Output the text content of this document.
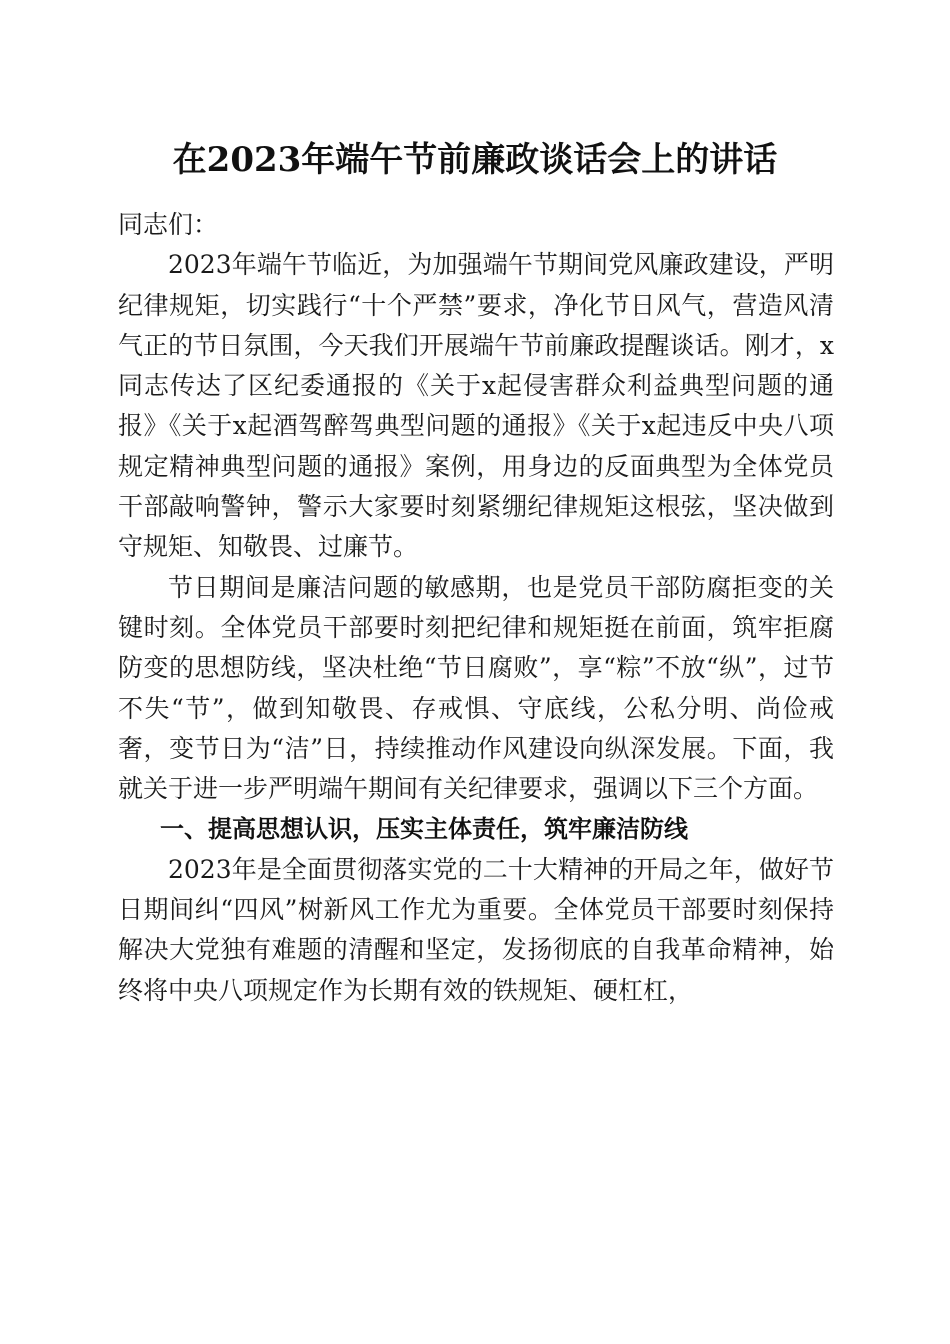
在2023年端午节前廉政谈话会上的讲话

同志们：

2023年端午节临近，为加强端午节期间党风廉政建设，严明纪律规矩，切实践行“十个严禁”要求，净化节日风气，营造风清气正的节日氛围，今天我们开展端午节前廉政提醒谈话。刚才，x同志传达了区纪委通报的《关于x起侵害群众利益典型问题的通报》《关于x起酒驾醉驾典型问题的通报》《关于x起违反中央八项规定精神典型问题的通报》案例，用身边的反面典型为全体党员干部敲响警钟，警示大家要时刻紧绷纪律规矩这根弦，坚决做到守规矩、知敬畏、过廉节。

节日期间是廉洁问题的敏感期，也是党员干部防腐拒变的关键时刻。全体党员干部要时刻把纪律和规矩挺在前面，筑牢拒腐防变的思想防线，坚决杜绝“节日腐败”，享“粽”不放“纵”，过节不失“节”，做到知敬畏、存戒惧、守底线，公私分明、尚俭戒奢，变节日为“洁”日，持续推动作风建设向纵深发展。下面，我就关于进一步严明端午期间有关纪律要求，强调以下三个方面。

一、提高思想认识，压实主体责任，筑牢廉洁防线

2023年是全面贯彻落实党的二十大精神的开局之年，做好节日期间纠“四风”树新风工作尤为重要。全体党员干部要时刻保持解决大党独有难题的清醒和坚定，发扬彻底的自我革命精神，始终将中央八项规定作为长期有效的铁规矩、硬杠杠，
